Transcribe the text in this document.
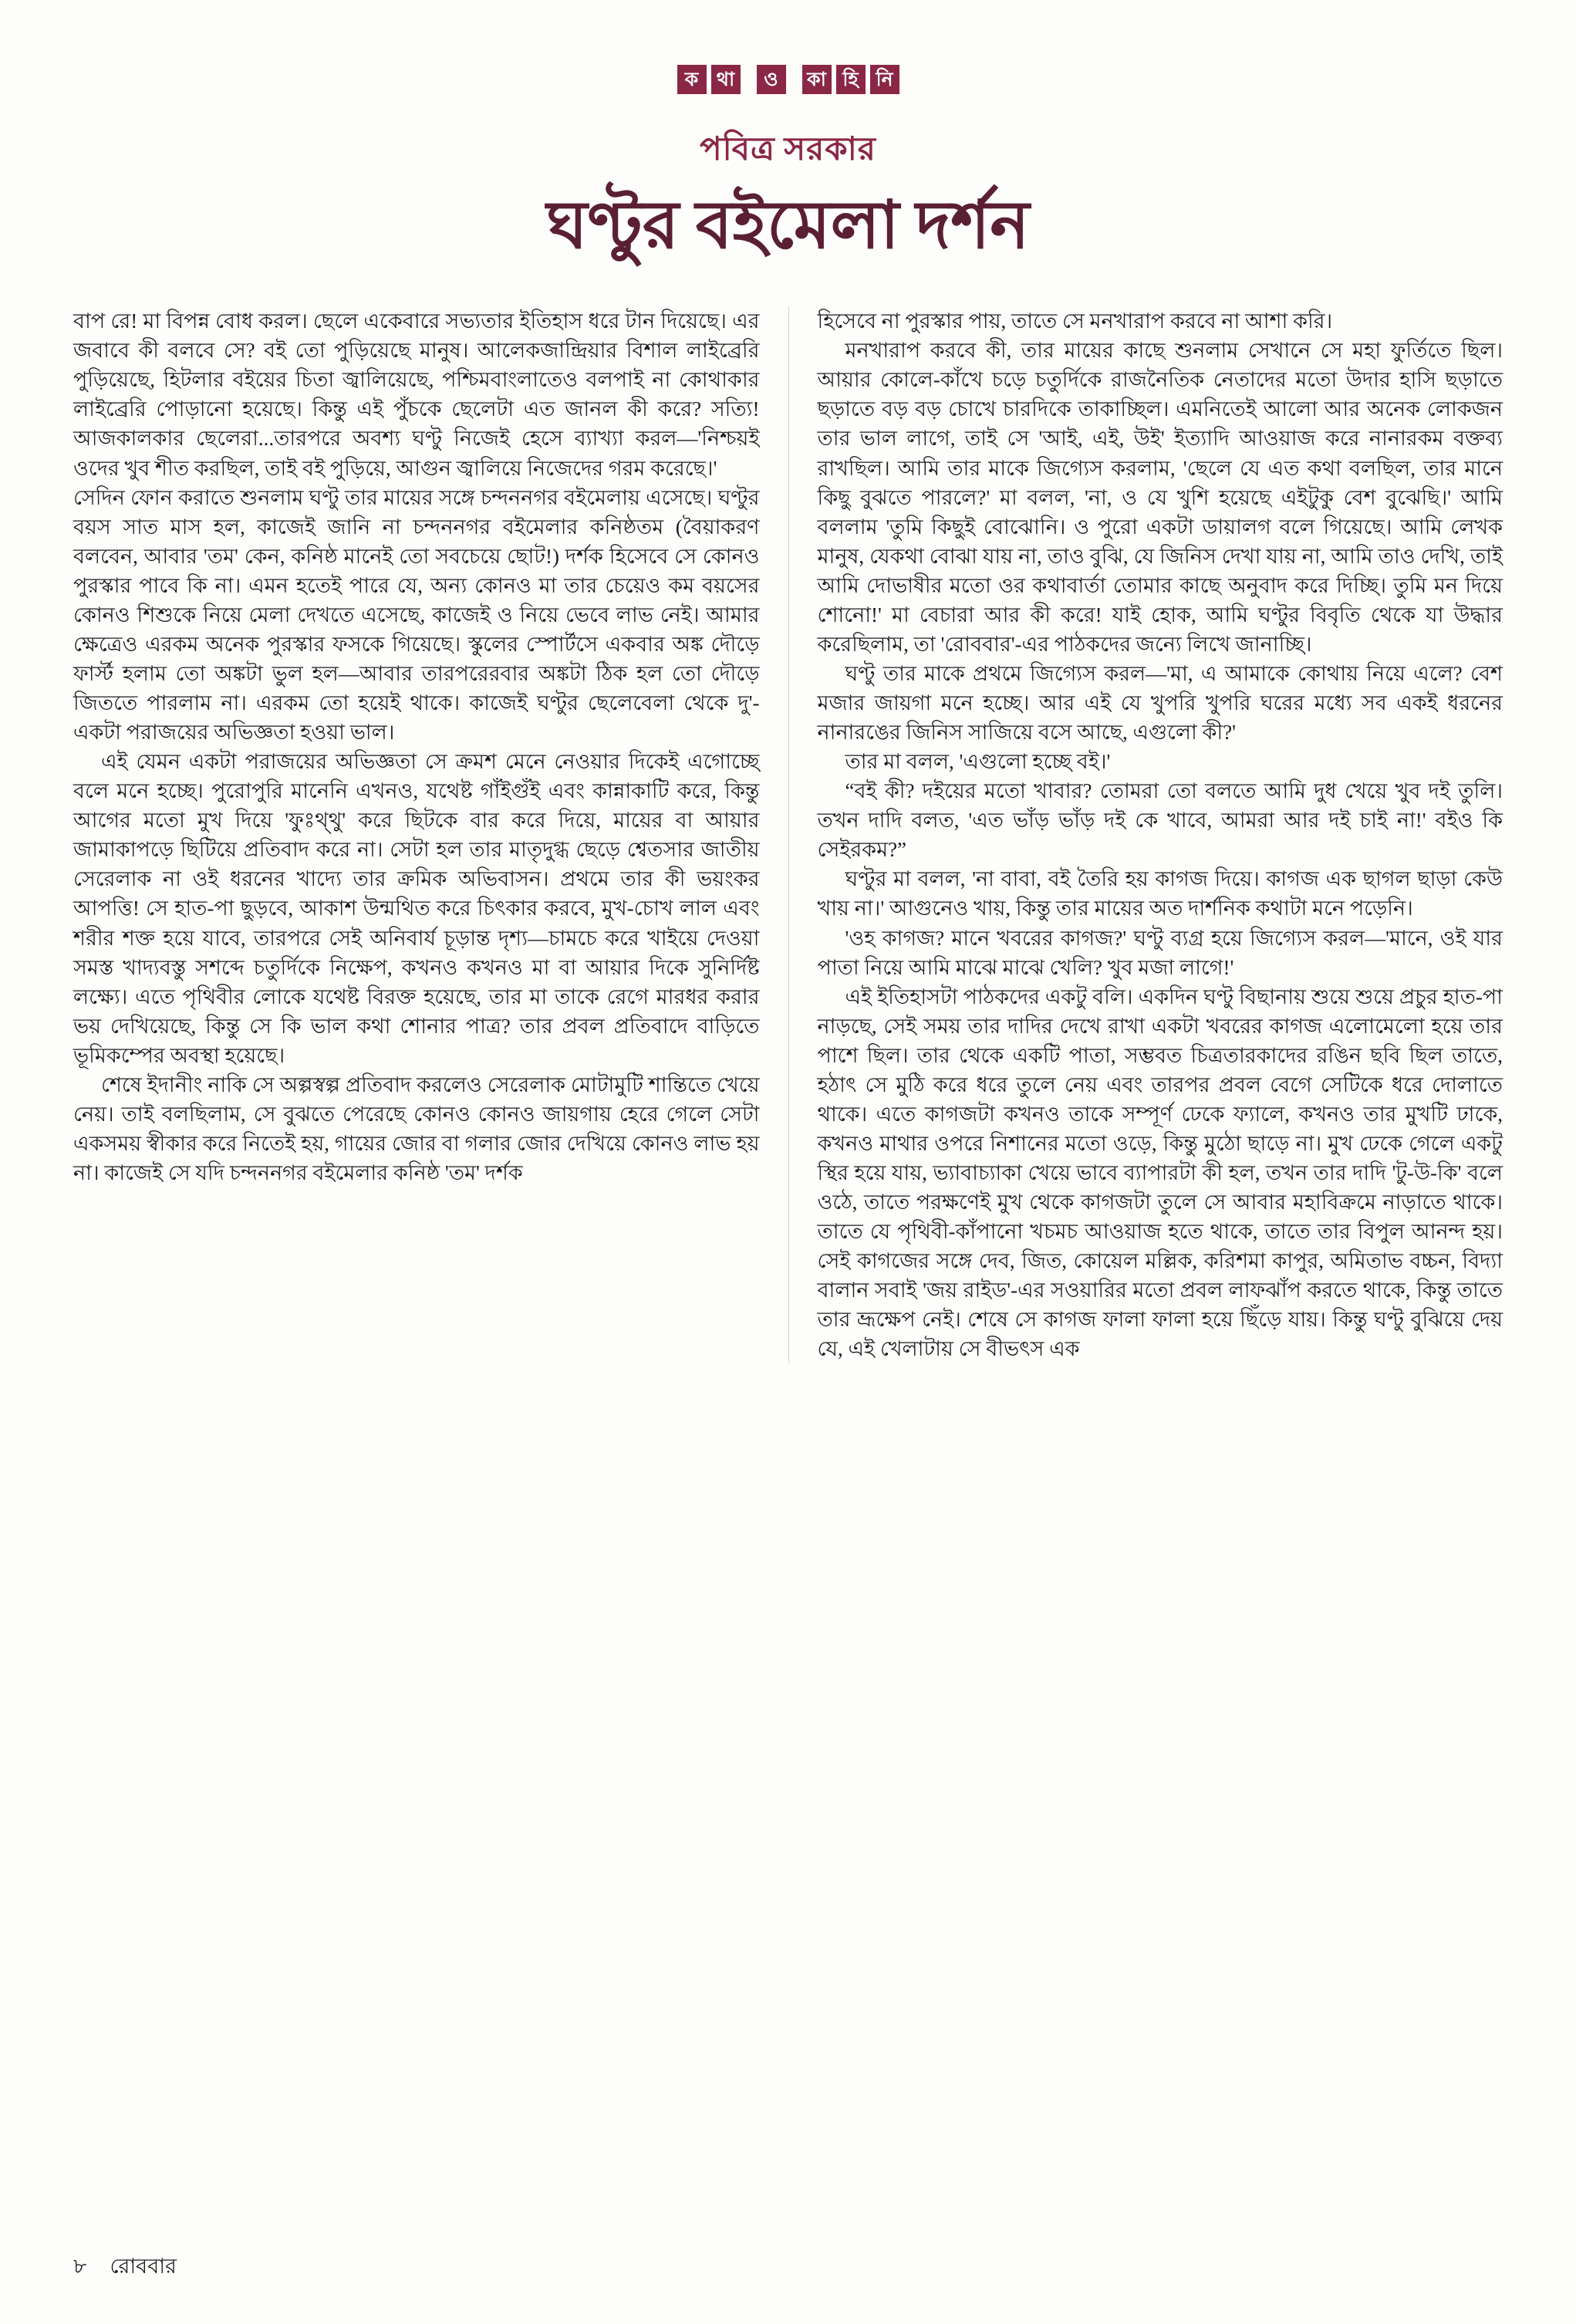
ক থা	ও	কা হি নি
পবিত্র সরকার
ঘণ্টুর বইমেলা দর্শন

বাপ রে! মা বিপন্ন বোধ করল। ছেলে একেবারে সভ্যতার ইতিহাস ধরে টান দিয়েছে। এর জবাবে কী বলবে সে? বই তো পুড়িয়েছে মানুষ। আলেকজান্দ্রিয়ার বিশাল লাইব্রেরি পুড়িয়েছে, হিটলার বইয়ের চিতা জ্বালিয়েছে, পশ্চিমবাংলাতেও বলপাই না কোথাকার লাইব্রেরি পোড়ানো হয়েছে। কিন্তু এই পুঁচকে ছেলেটা এত জানল কী করে? সত্যি! আজকালকার ছেলেরা...তারপরে অবশ্য ঘণ্টু নিজেই হেসে ব্যাখ্যা করল—'নিশ্চয়ই ওদের খুব শীত করছিল, তাই বই পুড়িয়ে, আগুন জ্বালিয়ে নিজেদের গরম করেছে।'

সেদিন ফোন করাতে শুনলাম ঘণ্টু তার মায়ের সঙ্গে চন্দননগর বইমেলায় এসেছে। ঘণ্টুর বয়স সাত মাস হল, কাজেই জানি না চন্দননগর বইমেলার কনিষ্ঠতম (বৈয়াকরণ বলবেন, আবার 'তম' কেন, কনিষ্ঠ মানেই তো সবচেয়ে ছোট!) দর্শক হিসেবে সে কোনও পুরস্কার পাবে কি না। এমন হতেই পারে যে, অন্য কোনও মা তার চেয়েও কম বয়সের কোনও শিশুকে নিয়ে মেলা দেখতে এসেছে, কাজেই ও নিয়ে ভেবে লাভ নেই। আমার ক্ষেত্রেও এরকম অনেক পুরস্কার ফসকে গিয়েছে। স্কুলের স্পোর্টসে একবার অঙ্ক দৌড়ে ফার্স্ট হলাম তো অঙ্কটা ভুল হল—আবার তারপরেরবার অঙ্কটা ঠিক হল তো দৌড়ে জিততে পারলাম না। এরকম তো হয়েই থাকে। কাজেই ঘণ্টুর ছেলেবেলা থেকে দু'-একটা পরাজয়ের অভিজ্ঞতা হওয়া ভাল।

এই যেমন একটা পরাজয়ের অভিজ্ঞতা সে ক্রমশ মেনে নেওয়ার দিকেই এগোচ্ছে বলে মনে হচ্ছে। পুরোপুরি মানেনি এখনও, যথেষ্ট গাঁইগুঁই এবং কান্নাকাটি করে, কিন্তু আগের মতো মুখ দিয়ে 'ফুঃথ্থু' করে ছিটকে বার করে দিয়ে, মায়ের বা আয়ার জামাকাপড়ে ছিটিয়ে প্রতিবাদ করে না। সেটা হল তার মাতৃদুগ্ধ ছেড়ে শ্বেতসার জাতীয় সেরেলাক না ওই ধরনের খাদ্যে তার ক্রমিক অভিবাসন। প্রথমে তার কী ভয়ংকর আপত্তি! সে হাত-পা ছুড়বে, আকাশ উন্মথিত করে চিৎকার করবে, মুখ-চোখ লাল এবং শরীর শক্ত হয়ে যাবে, তারপরে সেই অনিবার্য চূড়ান্ত দৃশ্য—চামচে করে খাইয়ে দেওয়া সমস্ত খাদ্যবস্তু সশব্দে চতুর্দিকে নিক্ষেপ, কখনও কখনও মা বা আয়ার দিকে সুনির্দিষ্ট লক্ষ্যে। এতে পৃথিবীর লোকে যথেষ্ট বিরক্ত হয়েছে, তার মা তাকে রেগে মারধর করার ভয় দেখিয়েছে, কিন্তু সে কি ভাল কথা শোনার পাত্র? তার প্রবল প্রতিবাদে বাড়িতে ভূমিকম্পের অবস্থা হয়েছে।

শেষে ইদানীং নাকি সে অল্পস্বল্প প্রতিবাদ করলেও সেরেলাক মোটামুটি শান্তিতে খেয়ে নেয়। তাই বলছিলাম, সে বুঝতে পেরেছে কোনও কোনও জায়গায় হেরে গেলে সেটা একসময় স্বীকার করে নিতেই হয়, গায়ের জোর বা গলার জোর দেখিয়ে কোনও লাভ হয় না। কাজেই সে যদি চন্দননগর বইমেলার কনিষ্ঠ 'তম' দর্শক

হিসেবে না পুরস্কার পায়, তাতে সে মনখারাপ করবে না আশা করি।

মনখারাপ করবে কী, তার মায়ের কাছে শুনলাম সেখানে সে মহা ফুর্তিতে ছিল। আয়ার কোলে-কাঁখে চড়ে চতুর্দিকে রাজনৈতিক নেতাদের মতো উদার হাসি ছড়াতে ছড়াতে বড় বড় চোখে চারদিকে তাকাচ্ছিল। এমনিতেই আলো আর অনেক লোকজন তার ভাল লাগে, তাই সে 'আই, এই, উই' ইত্যাদি আওয়াজ করে নানারকম বক্তব্য রাখছিল। আমি তার মাকে জিগ্যেস করলাম, 'ছেলে যে এত কথা বলছিল, তার মানে কিছু বুঝতে পারলে?' মা বলল, 'না, ও যে খুশি হয়েছে এইটুকু বেশ বুঝেছি।' আমি বললাম 'তুমি কিছুই বোঝোনি। ও পুরো একটা ডায়ালগ বলে গিয়েছে। আমি লেখক মানুষ, যেকথা বোঝা যায় না, তাও বুঝি, যে জিনিস দেখা যায় না, আমি তাও দেখি, তাই আমি দোভাষীর মতো ওর কথাবার্তা তোমার কাছে অনুবাদ করে দিচ্ছি। তুমি মন দিয়ে শোনো!' মা বেচারা আর কী করে! যাই হোক, আমি ঘণ্টুর বিবৃতি থেকে যা উদ্ধার করেছিলাম, তা 'রোববার'-এর পাঠকদের জন্যে লিখে জানাচ্ছি।

ঘণ্টু তার মাকে প্রথমে জিগ্যেস করল—'মা, এ আমাকে কোথায় নিয়ে এলে? বেশ মজার জায়গা মনে হচ্ছে। আর এই যে খুপরি খুপরি ঘরের মধ্যে সব একই ধরনের নানারঙের জিনিস সাজিয়ে বসে আছে, এগুলো কী?'

তার মা বলল, 'এগুলো হচ্ছে বই।'

“বই কী? দইয়ের মতো খাবার? তোমরা তো বলতে আমি দুধ খেয়ে খুব দই তুলি। তখন দাদি বলত, 'এত ভাঁড় ভাঁড় দই কে খাবে, আমরা আর দই চাই না!' বইও কি সেইরকম?”

ঘণ্টুর মা বলল, 'না বাবা, বই তৈরি হয় কাগজ দিয়ে। কাগজ এক ছাগল ছাড়া কেউ খায় না।' আগুনেও খায়, কিন্তু তার মায়ের অত দার্শনিক কথাটা মনে পড়েনি।

'ওহ কাগজ? মানে খবরের কাগজ?' ঘণ্টু ব্যগ্র হয়ে জিগ্যেস করল—'মানে, ওই যার পাতা নিয়ে আমি মাঝে মাঝে খেলি? খুব মজা লাগে!'

এই ইতিহাসটা পাঠকদের একটু বলি। একদিন ঘণ্টু বিছানায় শুয়ে শুয়ে প্রচুর হাত-পা নাড়ছে, সেই সময় তার দাদির দেখে রাখা একটা খবরের কাগজ এলোমেলো হয়ে তার পাশে ছিল। তার থেকে একটি পাতা, সম্ভবত চিত্রতারকাদের রঙিন ছবি ছিল তাতে, হঠাৎ সে মুঠি করে ধরে তুলে নেয় এবং তারপর প্রবল বেগে সেটিকে ধরে দোলাতে থাকে। এতে কাগজটা কখনও তাকে সম্পূর্ণ ঢেকে ফ্যালে, কখনও তার মুখটি ঢাকে, কখনও মাথার ওপরে নিশানের মতো ওড়ে, কিন্তু মুঠো ছাড়ে না। মুখ ঢেকে গেলে একটু স্থির হয়ে যায়, ভ্যাবাচ্যাকা খেয়ে ভাবে ব্যাপারটা কী হল, তখন তার দাদি 'টু-উ-কি' বলে ওঠে, তাতে পরক্ষণেই মুখ থেকে কাগজটা তুলে সে আবার মহাবিক্রমে নাড়াতে থাকে। তাতে যে পৃথিবী-কাঁপানো খচমচ আওয়াজ হতে থাকে, তাতে তার বিপুল আনন্দ হয়। সেই কাগজের সঙ্গে দেব, জিত, কোয়েল মল্লিক, করিশমা কাপুর, অমিতাভ বচ্চন, বিদ্যা বালান সবাই 'জয় রাইড'-এর সওয়ারির মতো প্রবল লাফঝাঁপ করতে থাকে, কিন্তু তাতে তার ভ্রূক্ষেপ নেই। শেষে সে কাগজ ফালা ফালা হয়ে ছিঁড়ে যায়। কিন্তু ঘণ্টু বুঝিয়ে দেয় যে, এই খেলাটায় সে বীভৎস এক

৮ রোববার
